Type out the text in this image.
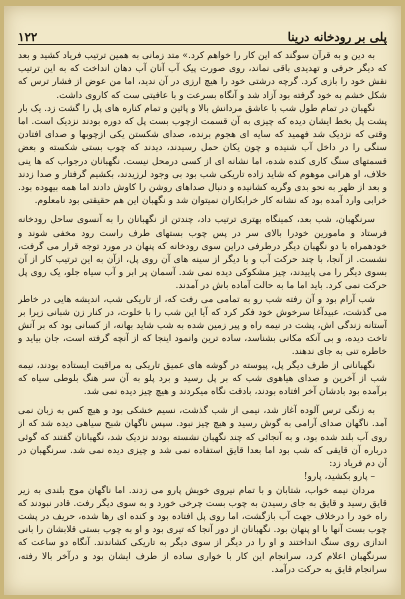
۱۲۲	پلی بر رودخانه درینا

به دین و به قرآن سوگند که این کار را خواهم کرد.» متد زمانی به همین ترتیب فریاد کشید و بعد که دیگر حرفی و تهدیدی باقی نماند، روی صورت پیک آب آنان آب دهان انداخت که به این ترتیب نقش خود را بازی کرد. گرچه درشتی خود را هیچ ارزی در آن ندید، اما من عوض از فشار ترس که شکل خشم به خود گرفته بود آزاد شد و آنگاه بسرعت و با عافیتی ست که کاروی داشت.

نگهبان در تمام طول شب با عاشق مردانش بالا و پائین و تمام کناره های پل را گشت زد. یک بار پشت پل بخط ایشان دیده که چیزی به آن قسمت ازچوب بست پل که دوره بودند نزدیک است. اما وقتی که نزدیک شد فهمید که سایه ای هجوم برنده، صدای شکستن یکی ازچوبها و صدای افتادن سنگی را در داخل آب شنیده و چون یکان حمل رسیدند، دیدند که چوب بستی شکسته و بعض قسمتهای سنگ کاری کنده شده، اما نشانه ای از کسی درمحل نیست. نگهبانان درجواب که ها ینی خلاف، او هرانی موهوم که شاید زاده تاریکی شب بود بی وجود لرزیدند، بکشیم گرفتار و صدا زدند و بعد از ظهر به نحو بدی وگریه کشانیده و دنبال صداهای روشن را کاوش دادند اما همه بیهوده بود. خرابی وارد آمده بود که نشانه کار خرابکاران نمیتوان شد و نگهبان این هم حقیقتی بود نامعلوم.

سرنگهبان، شب بعد، کمینگاه بهتری ترتیب داد، چندتن از نگهبانان را به آنسوی ساحل رودخانه فرستاد و مامورین خودرا بالای سر در پس چوب بستهای طرف راست رود مخفی شوند و خودهمراه با دو نگهبان دیگر درطرفی دراین سوی رودخانه که پنهان در مورد توجه قرار می گرفت، نشست. از آنجا، با چند حرکت آب و با دیگر از سینه های آن روی پل، ازآن به این ترتیب کار از آن بسوی دیگر را می پاییدند، چیز مشکوکی دیده نمی شد. آسمان پر ابر و آب سیاه جلو، یک روی پل حرکت نمی کرد. باید اما ما به حالت آماده باش در آمدند.

شب آرام بود و آن رفته شب رو به تمامی می رفت که، از تاریکی شب، اندیشه هایی در خاطر می گذشت، عبیدآغا سرخوش خود فکر کرد که آیا این شب را با خلوت، در کنار زن شبانی زیرا بر آستانه زندگی اش، پشت در نیمه راه و پیر زمین شده به شب شاید بهانه، از کسانی بود که بر آتش تاخت دیده، و بی آنکه مکانی بشناسد، ساده ترین وانمود اینجا که از آنچه گرفته است، جان بیاید و خاطره تنی به جای ندهند.

نگهبانانی از طرف دیگر پل، پیوسته در گوشه های عمیق تاریکی به مراقبت ایستاده بودند، نیمه شب از آخرین و صدای هیاهوی شب که بر پل رسید و برد پلو به آن سر هنگ بلوطی سیاه که برآمده بود بادشان آخر افتاده بودند، بادقت نگاه میکردند و هیچ چیز دیده نمی شد.

به زنگی ترس آلوده آغاز شد، نیمی از شب گذشت، نسیم خشکی بود و هیچ کس به زبان نمی آمد. ناگهان صدای آرامی به گوش رسید و هیچ چیز نبود. سپس ناگهان شبح سیاهی دیده شد که از روی آب بلند شده بود، و به آنجائی که چند نگهبان نشسته بودند نزدیک شد، نگهبانان گفتند که گوئی درباره آن قایقی که شب بود اما بعدا قایق استفاده نمی شد و چیزی دیده نمی شد. سرنگهبان در آن دم فریاد زد:

– پارو بکشید، پارو!

مردان نیمه خواب، شتابان و با تمام نیروی خویش پارو می زدند. اما ناگهان موج بلندی به زیر قایق رسید و قایق به جای رسیدن به چوب بست چرخی خورد و به سوی دیگر رفت. قادر نبودند که راه خود را درخلاف جهت آب بازگشت، اما روی پل افتاده بود و کنده ای رها شده، حریف در پشت چوب بست آنها با او پنهان بود. نگهبانان از دور آنجا که تیری بود و او به چوب بستی قلابشان را بانی اندازی روی سنگ انداختند و او را در دیگر از سوی دیگر به تاریکی کشاندند. آنگاه دو ساعت که سرنگهبان اعلام کرد، سرانجام این کار با خواری ساده از طرف ایشان بود و درآخر بالا رفته، سرانجام قایق به حرکت درآمد.
